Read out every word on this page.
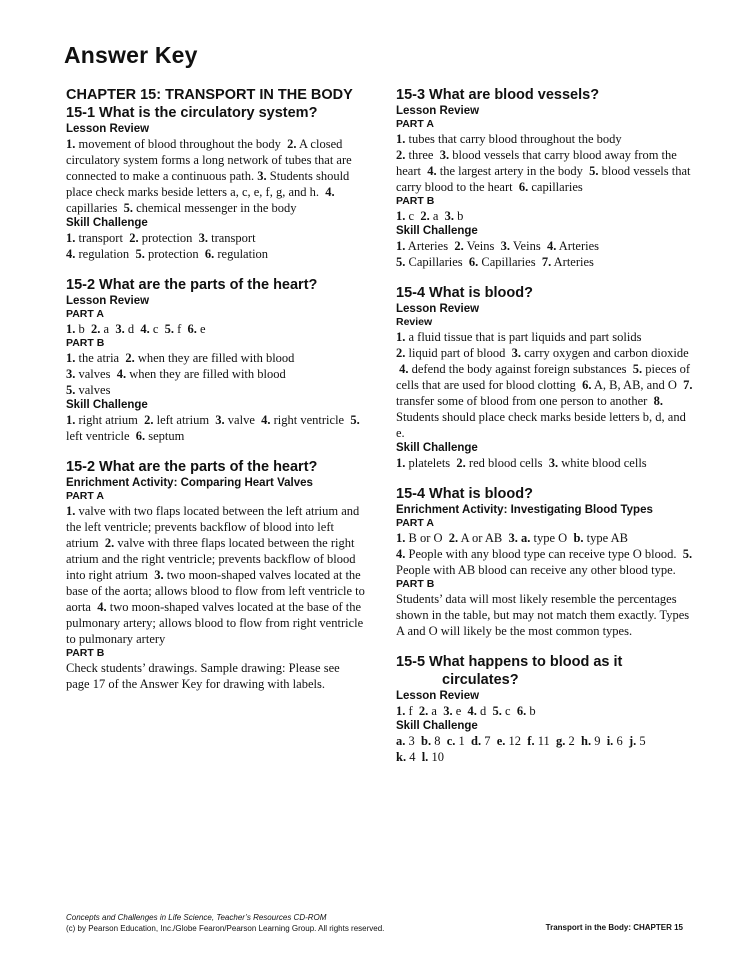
Answer Key
CHAPTER 15: TRANSPORT IN THE BODY
15-1 What is the circulatory system?
Lesson Review
1. movement of blood throughout the body  2. A closed circulatory system forms a long network of tubes that are connected to make a continuous path. 3. Students should place check marks beside letters a, c, e, f, g, and h.  4. capillaries  5. chemical messenger in the body
Skill Challenge
1. transport  2. protection  3. transport
4. regulation  5. protection  6. regulation
15-2 What are the parts of the heart?
Lesson Review
PART A
1. b  2. a  3. d  4. c  5. f  6. e
PART B
1. the atria  2. when they are filled with blood
3. valves  4. when they are filled with blood
5. valves
Skill Challenge
1. right atrium  2. left atrium  3. valve  4. right ventricle  5. left ventricle  6. septum
15-2 What are the parts of the heart?
Enrichment Activity: Comparing Heart Valves
PART A
1. valve with two flaps located between the left atrium and the left ventricle; prevents backflow of blood into left atrium  2. valve with three flaps located between the right atrium and the right ventricle; prevents backflow of blood into right atrium  3. two moon-shaped valves located at the base of the aorta; allows blood to flow from left ventricle to aorta  4. two moon-shaped valves located at the base of the pulmonary artery; allows blood to flow from right ventricle to pulmonary artery
PART B
Check students’ drawings. Sample drawing: Please see page 17 of the Answer Key for drawing with labels.
15-3 What are blood vessels?
Lesson Review
PART A
1. tubes that carry blood throughout the body
2. three  3. blood vessels that carry blood away from the heart  4. the largest artery in the body  5. blood vessels that carry blood to the heart  6. capillaries
PART B
1. c  2. a  3. b
Skill Challenge
1. Arteries  2. Veins  3. Veins  4. Arteries
5. Capillaries  6. Capillaries  7. Arteries
15-4 What is blood?
Lesson Review
Review
1. a fluid tissue that is part liquids and part solids
2. liquid part of blood  3. carry oxygen and carbon dioxide  4. defend the body against foreign substances  5. pieces of cells that are used for blood clotting  6. A, B, AB, and O  7. transfer some of blood from one person to another  8. Students should place check marks beside letters b, d, and e.
Skill Challenge
1. platelets  2. red blood cells  3. white blood cells
15-4 What is blood?
Enrichment Activity: Investigating Blood Types
PART A
1. B or O  2. A or AB  3. a. type O  b. type AB
4. People with any blood type can receive type O blood.  5. People with AB blood can receive any other blood type.
PART B
Students’ data will most likely resemble the percentages shown in the table, but may not match them exactly. Types A and O will likely be the most common types.
15-5 What happens to blood as it
circulates?
Lesson Review
1. f  2. a  3. e  4. d  5. c  6. b
Skill Challenge
a. 3  b. 8  c. 1  d. 7  e. 12  f. 11  g. 2  h. 9  i. 6  j. 5
k. 4  l. 10
Concepts and Challenges in Life Science, Teacher’s Resources CD-ROM
(c) by Pearson Education, Inc./Globe Fearon/Pearson Learning Group. All rights reserved.	Transport in the Body: CHAPTER 15
